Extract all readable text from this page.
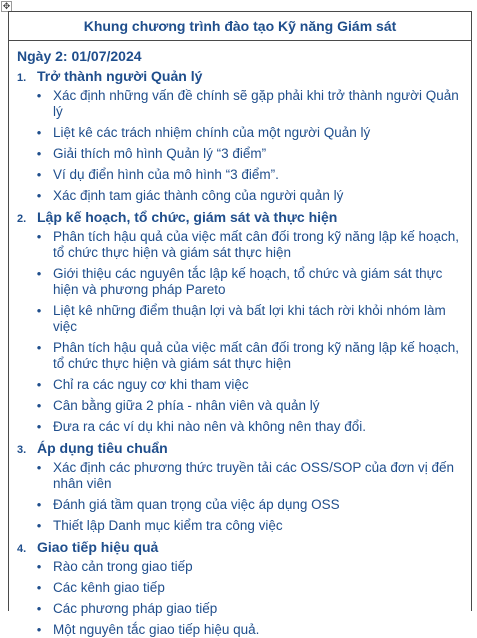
✥
Khung chương trình đào tạo Kỹ năng Giám sát
Ngày 2: 01/07/2024
1. Trở thành người Quản lý
• Xác định những vấn đề chính sẽ gặp phải khi trở thành người Quản lý
• Liệt kê các trách nhiệm chính của một người Quản lý
• Giải thích mô hình Quản lý “3 điểm”
• Ví dụ điển hình của mô hình “3 điểm”.
• Xác định tam giác thành công của người quản lý
2. Lập kế hoạch, tổ chức, giám sát và thực hiện
• Phân tích hậu quả của việc mất cân đối trong kỹ năng lập kế hoạch, tổ chức thực hiện và giám sát thực hiện
• Giới thiệu các nguyên tắc lập kế hoạch, tổ chức và giám sát thực hiện và phương pháp Pareto
• Liệt kê những điểm thuận lợi và bất lợi khi tách rời khỏi nhóm làm việc
• Phân tích hậu quả của việc mất cân đối trong kỹ năng lập kế hoạch, tổ chức thực hiện và giám sát thực hiện
• Chỉ ra các nguy cơ khi tham việc
• Cân bằng giữa 2 phía - nhân viên và quản lý
• Đưa ra các ví dụ khi nào nên và không nên thay đổi.
3. Áp dụng tiêu chuẩn
• Xác định các phương thức truyền tải các OSS/SOP của đơn vị đến nhân viên
• Đánh giá tầm quan trọng của việc áp dụng OSS
• Thiết lập Danh mục kiểm tra công việc
4. Giao tiếp hiệu quả
• Rào cản trong giao tiếp
• Các kênh giao tiếp
• Các phương pháp giao tiếp
• Một nguyên tắc giao tiếp hiệu quả.
